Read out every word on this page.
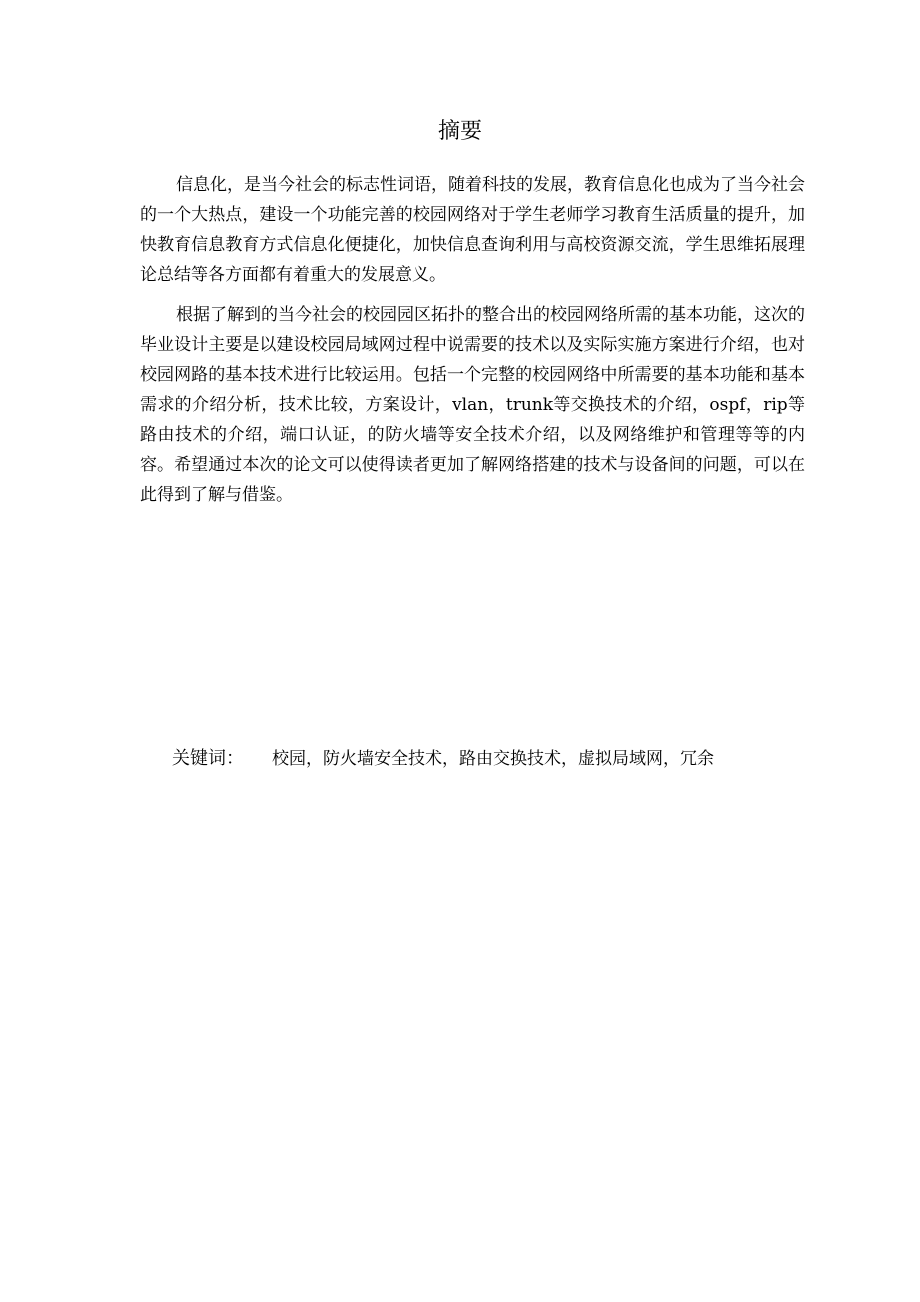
摘要

信息化，是当今社会的标志性词语，随着科技的发展，教育信息化也成为了当今社会的一个大热点，建设一个功能完善的校园网络对于学生老师学习教育生活质量的提升，加快教育信息教育方式信息化便捷化，加快信息查询利用与高校资源交流，学生思维拓展理论总结等各方面都有着重大的发展意义。

根据了解到的当今社会的校园园区拓扑的整合出的校园网络所需的基本功能，这次的毕业设计主要是以建设校园局域网过程中说需要的技术以及实际实施方案进行介绍，也对校园网路的基本技术进行比较运用。包括一个完整的校园网络中所需要的基本功能和基本需求的介绍分析，技术比较，方案设计，vlan，trunk等交换技术的介绍，ospf，rip等路由技术的介绍，端口认证，的防火墙等安全技术介绍，以及网络维护和管理等等的内容。希望通过本次的论文可以使得读者更加了解网络搭建的技术与设备间的问题，可以在此得到了解与借鉴。

关键词： 校园，防火墙安全技术，路由交换技术，虚拟局域网，冗余
